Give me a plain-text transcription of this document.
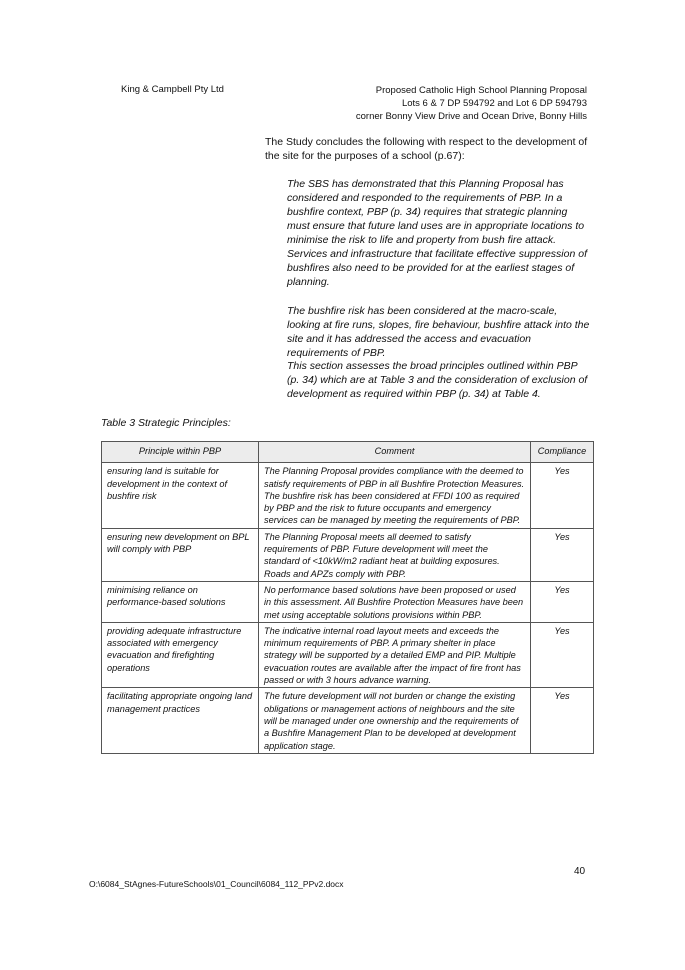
King & Campbell Pty Ltd	Proposed Catholic High School Planning Proposal
Lots 6 & 7 DP 594792 and Lot 6 DP 594793
corner Bonny View Drive and Ocean Drive, Bonny Hills
The Study concludes the following with respect to the development of the site for the purposes of a school (p.67):
The SBS has demonstrated that this Planning Proposal has considered and responded to the requirements of PBP. In a bushfire context, PBP (p. 34) requires that strategic planning must ensure that future land uses are in appropriate locations to minimise the risk to life and property from bush fire attack. Services and infrastructure that facilitate effective suppression of bushfires also need to be provided for at the earliest stages of planning.
The bushfire risk has been considered at the macro-scale, looking at fire runs, slopes, fire behaviour, bushfire attack into the site and it has addressed the access and evacuation requirements of PBP.
This section assesses the broad principles outlined within PBP (p. 34) which are at Table 3 and the consideration of exclusion of development as required within PBP (p. 34) at Table 4.
Table 3 Strategic Principles:
Principle within PBP	Comment	Compliance
ensuring land is suitable for development in the context of bushfire risk	The Planning Proposal provides compliance with the deemed to satisfy requirements of PBP in all Bushfire Protection Measures. The bushfire risk has been considered at FFDI 100 as required by PBP and the risk to future occupants and emergency services can be managed by meeting the requirements of PBP.	Yes
ensuring new development on BPL will comply with PBP	The Planning Proposal meets all deemed to satisfy requirements of PBP. Future development will meet the standard of <10kW/m2 radiant heat at building exposures. Roads and APZs comply with PBP.	Yes
minimising reliance on performance-based solutions	No performance based solutions have been proposed or used in this assessment. All Bushfire Protection Measures have been met using acceptable solutions provisions within PBP.	Yes
providing adequate infrastructure associated with emergency evacuation and firefighting operations	The indicative internal road layout meets and exceeds the minimum requirements of PBP. A primary shelter in place strategy will be supported by a detailed EMP and PIP. Multiple evacuation routes are available after the impact of fire front has passed or with 3 hours advance warning.	Yes
facilitating appropriate ongoing land management practices	The future development will not burden or change the existing obligations or management actions of neighbours and the site will be managed under one ownership and the requirements of a Bushfire Management Plan to be developed at development application stage.	Yes
40
O:\6084_StAgnes-FutureSchools\01_Council\6084_112_PPv2.docx
